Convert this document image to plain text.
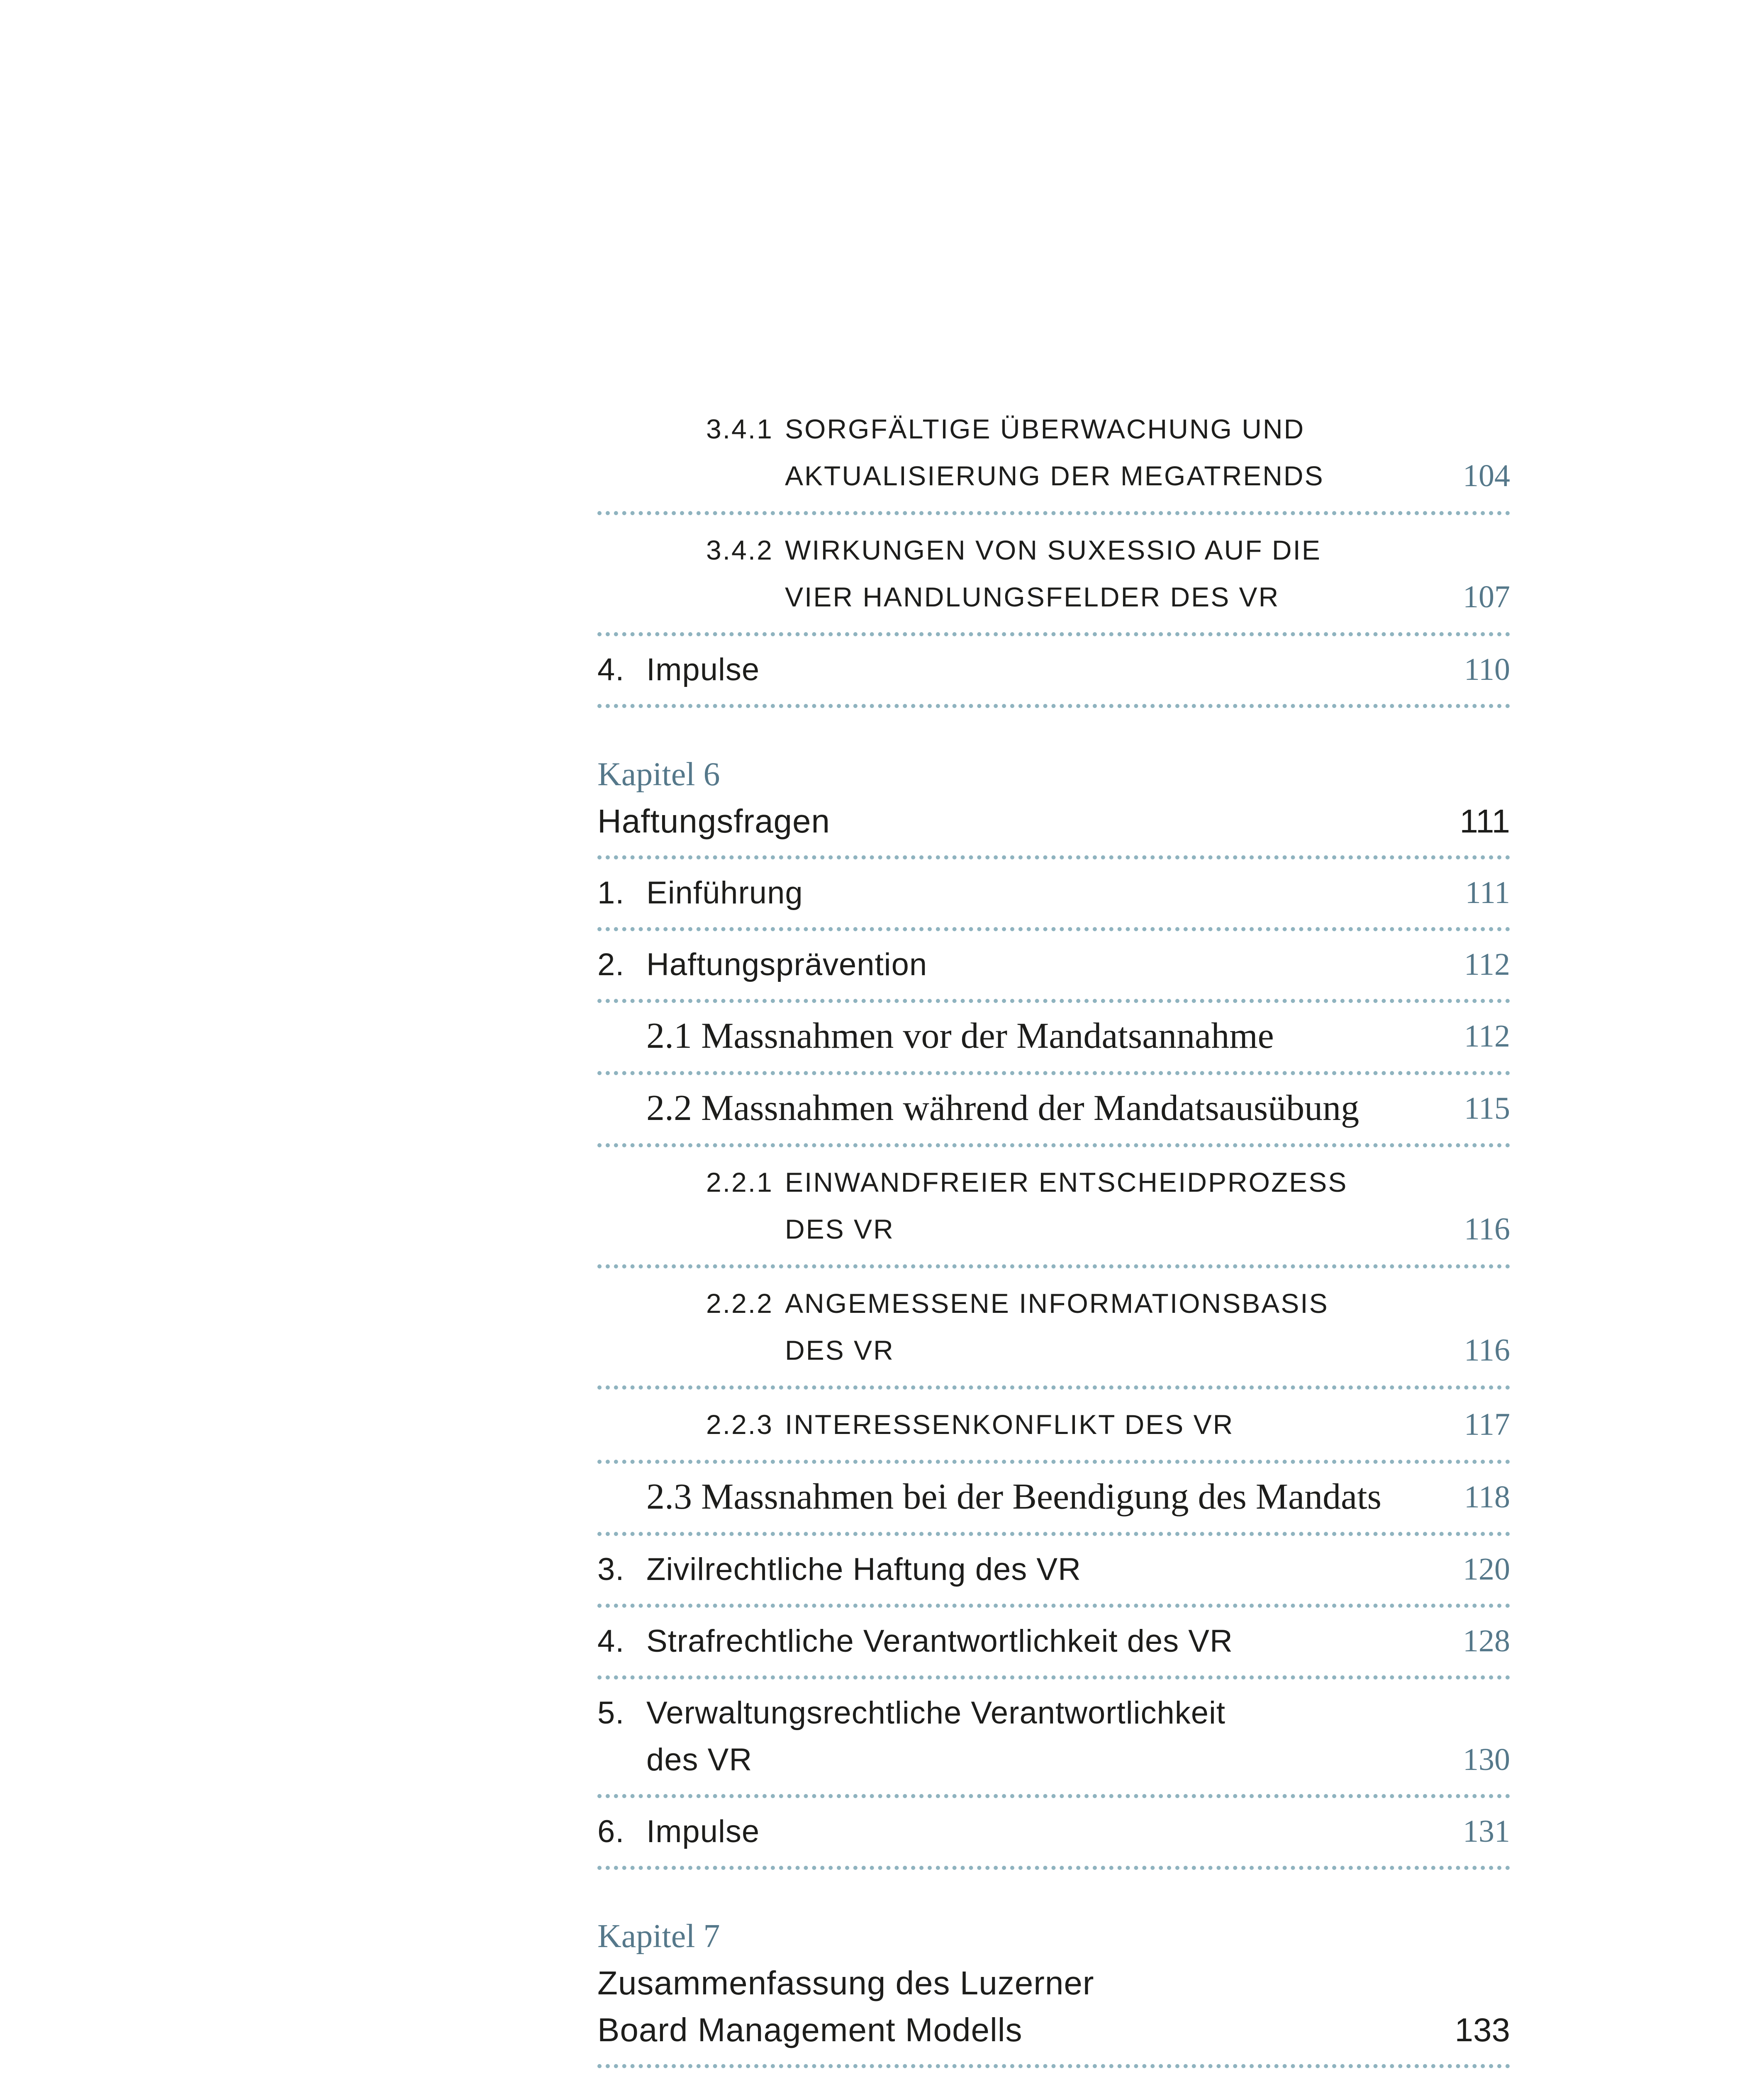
3.4.1 SORGFÄLTIGE ÜBERWACHUNG UND
AKTUALISIERUNG DER MEGATRENDS	104
3.4.2 WIRKUNGEN VON SUXESSIO AUF DIE
VIER HANDLUNGSFELDER DES VR	107
4. Impulse	110
Kapitel 6
Haftungsfragen	111
1. Einführung	111
2. Haftungsprävention	112
2.1 Massnahmen vor der Mandatsannahme	112
2.2 Massnahmen während der Mandatsausübung	115
2.2.1 EINWANDFREIER ENTSCHEIDPROZESS
DES VR	116
2.2.2 ANGEMESSENE INFORMATIONSBASIS
DES VR	116
2.2.3 INTERESSENKONFLIKT DES VR	117
2.3 Massnahmen bei der Beendigung des Mandats	118
3. Zivilrechtliche Haftung des VR	120
4. Strafrechtliche Verantwortlichkeit des VR	128
5. Verwaltungsrechtliche Verantwortlichkeit
des VR	130
6. Impulse	131
Kapitel 7
Zusammenfassung des Luzerner
Board Management Modells	133
